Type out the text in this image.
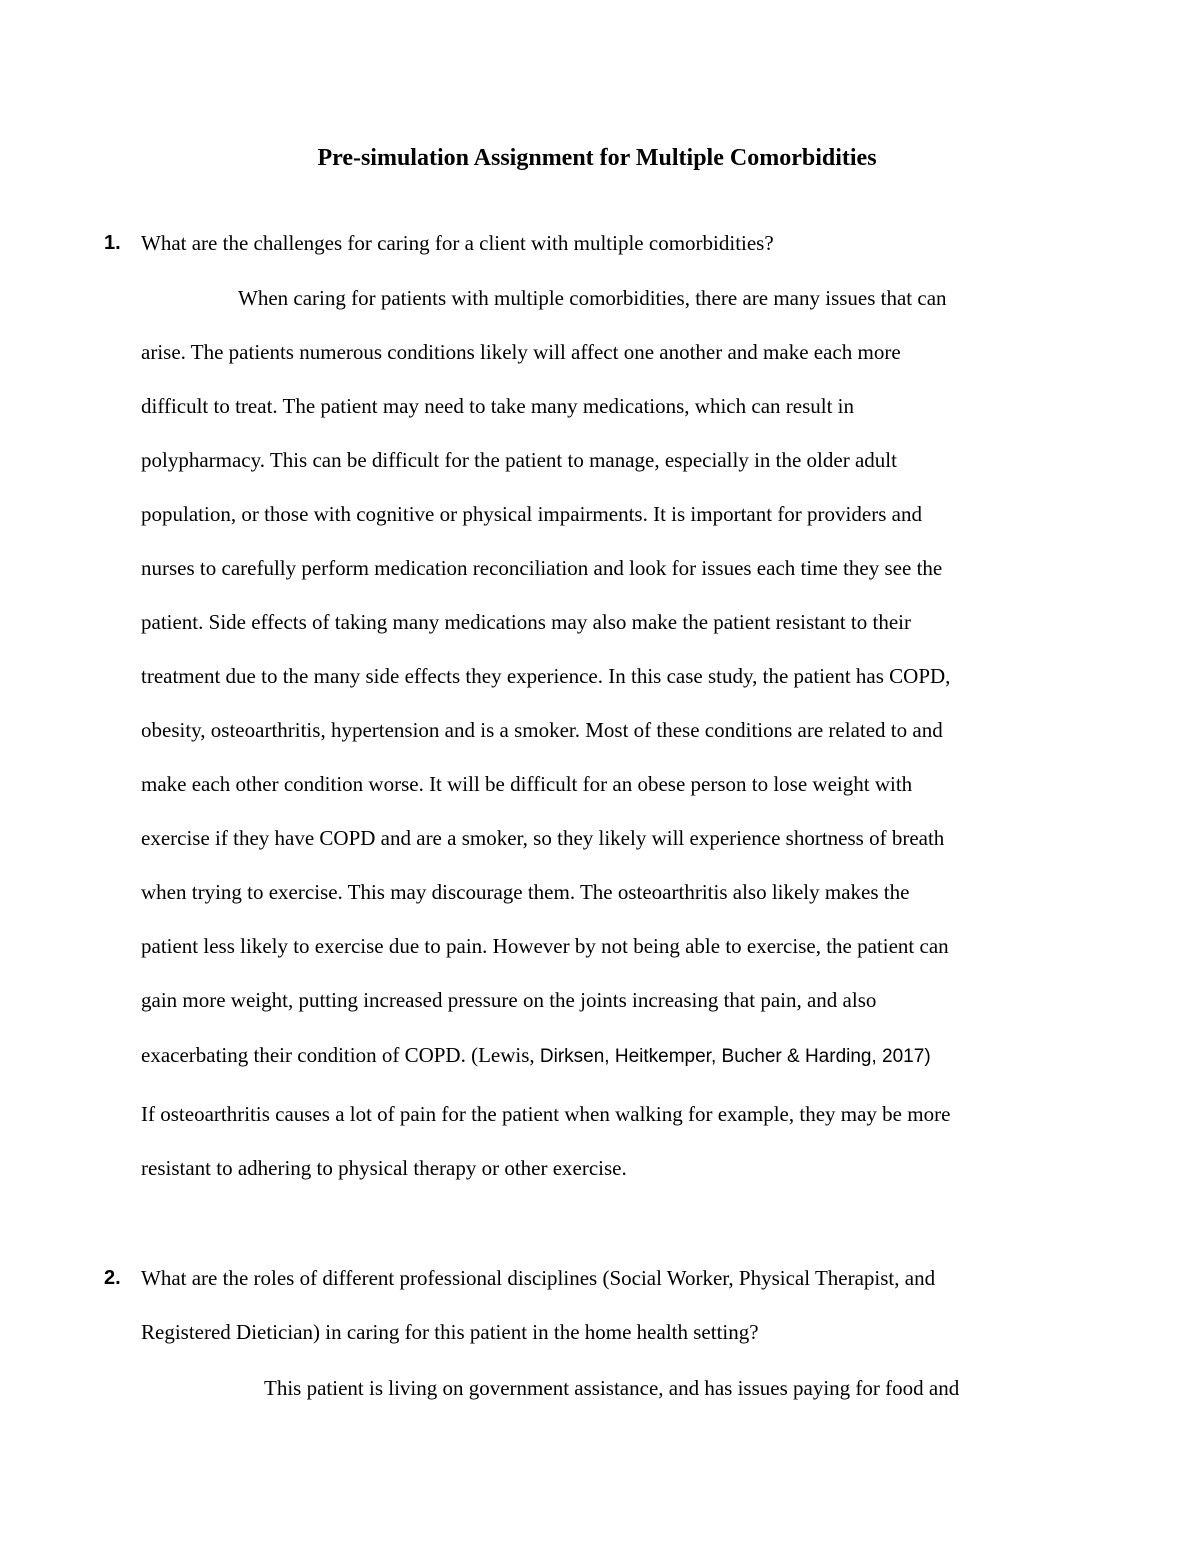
Pre-simulation Assignment for Multiple Comorbidities
1. What are the challenges for caring for a client with multiple comorbidities?
When caring for patients with multiple comorbidities, there are many issues that can
arise. The patients numerous conditions likely will affect one another and make each more
difficult to treat. The patient may need to take many medications, which can result in
polypharmacy. This can be difficult for the patient to manage, especially in the older adult
population, or those with cognitive or physical impairments. It is important for providers and
nurses to carefully perform medication reconciliation and look for issues each time they see the
patient. Side effects of taking many medications may also make the patient resistant to their
treatment due to the many side effects they experience. In this case study, the patient has COPD,
obesity, osteoarthritis, hypertension and is a smoker. Most of these conditions are related to and
make each other condition worse. It will be difficult for an obese person to lose weight with
exercise if they have COPD and are a smoker, so they likely will experience shortness of breath
when trying to exercise. This may discourage them. The osteoarthritis also likely makes the
patient less likely to exercise due to pain. However by not being able to exercise, the patient can
gain more weight, putting increased pressure on the joints increasing that pain, and also
exacerbating their condition of COPD. (Lewis, Dirksen, Heitkemper, Bucher & Harding, 2017)
If osteoarthritis causes a lot of pain for the patient when walking for example, they may be more
resistant to adhering to physical therapy or other exercise.
2. What are the roles of different professional disciplines (Social Worker, Physical Therapist, and
Registered Dietician) in caring for this patient in the home health setting?
This patient is living on government assistance, and has issues paying for food and
